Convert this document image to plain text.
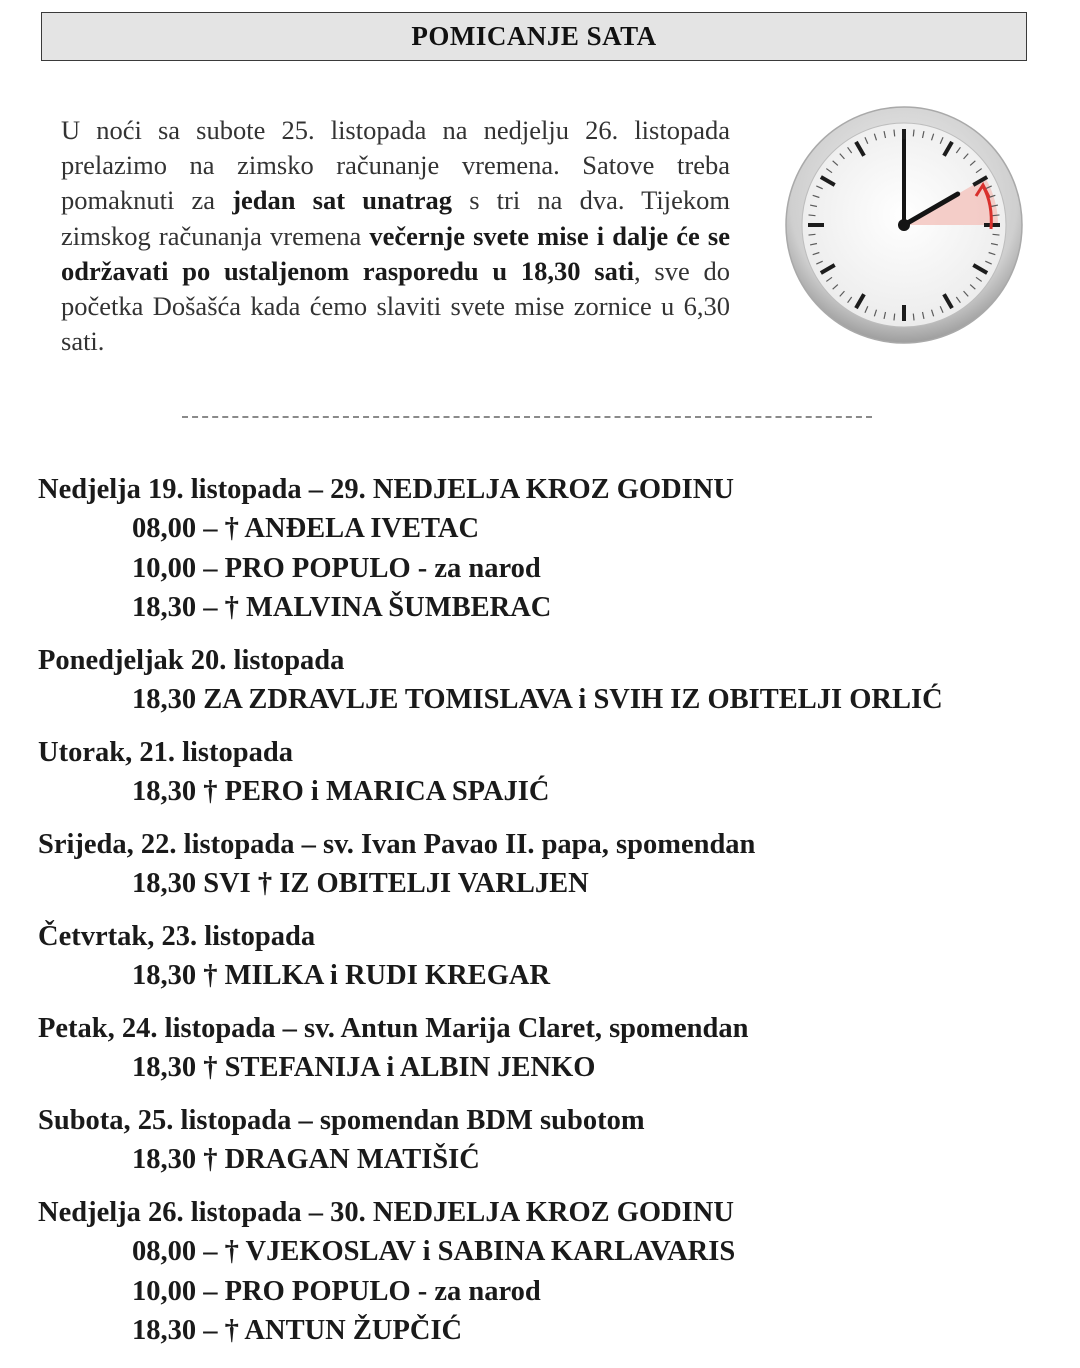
POMICANJE SATA
U noći sa subote 25. listopada na nedjelju 26. listopada prelazimo na zimsko računanje vremena. Satove treba pomaknuti za jedan sat unatrag s tri na dva. Tijekom zimskog računanja vremena večernje svete mise i dalje će se održavati po ustaljenom rasporedu u 18,30 sati, sve do početka Došašća kada ćemo slaviti svete mise zornice u 6,30 sati.
Nedjelja 19. listopada – 29. NEDJELJA KROZ GODINU
08,00 – † ANĐELA IVETAC
10,00 – PRO POPULO - za narod
18,30 – † MALVINA ŠUMBERAC
Ponedjeljak 20. listopada
18,30 ZA ZDRAVLJE TOMISLAVA i SVIH IZ OBITELJI ORLIĆ
Utorak, 21. listopada
18,30 † PERO i MARICA SPAJIĆ
Srijeda, 22. listopada – sv. Ivan Pavao II. papa, spomendan
18,30 SVI † IZ OBITELJI VARLJEN
Četvrtak, 23. listopada
18,30 † MILKA i RUDI KREGAR
Petak, 24. listopada – sv. Antun Marija Claret, spomendan
18,30 † STEFANIJA i ALBIN JENKO
Subota, 25. listopada – spomendan BDM subotom
18,30 † DRAGAN MATIŠIĆ
Nedjelja 26. listopada – 30. NEDJELJA KROZ GODINU
08,00 – † VJEKOSLAV i SABINA KARLAVARIS
10,00 – PRO POPULO - za narod
18,30 – † ANTUN ŽUPČIĆ
